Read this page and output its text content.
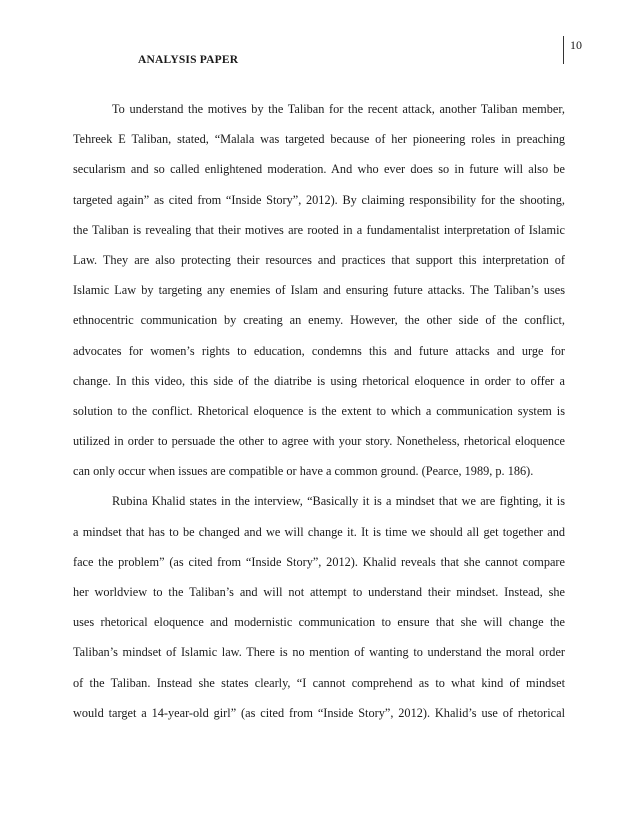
10
ANALYSIS PAPER
To understand the motives by the Taliban for the recent attack, another Taliban member,
Tehreek E Taliban, stated, “Malala was targeted because of her pioneering roles in preaching
secularism and so called enlightened moderation. And who ever does so in future will also be
targeted again” as cited from “Inside Story”, 2012). By claiming responsibility for the shooting,
the Taliban is revealing that their motives are rooted in a fundamentalist interpretation of Islamic
Law. They are also protecting their resources and practices that support this interpretation of
Islamic Law by targeting any enemies of Islam and ensuring future attacks. The Taliban’s uses
ethnocentric communication by creating an enemy. However, the other side of the conflict,
advocates for women’s rights to education, condemns this and future attacks and urge for
change. In this video, this side of the diatribe is using rhetorical eloquence in order to offer a
solution to the conflict. Rhetorical eloquence is the extent to which a communication system is
utilized in order to persuade the other to agree with your story. Nonetheless, rhetorical eloquence
can only occur when issues are compatible or have a common ground. (Pearce, 1989, p. 186).
Rubina Khalid states in the interview, “Basically it is a mindset that we are fighting, it is
a mindset that has to be changed and we will change it. It is time we should all get together and
face the problem” (as cited from “Inside Story”, 2012). Khalid reveals that she cannot compare
her worldview to the Taliban’s and will not attempt to understand their mindset. Instead, she
uses rhetorical eloquence and modernistic communication to ensure that she will change the
Taliban’s mindset of Islamic law. There is no mention of wanting to understand the moral order
of the Taliban. Instead she states clearly, “I cannot comprehend as to what kind of mindset
would target a 14-year-old girl” (as cited from “Inside Story”, 2012). Khalid’s use of rhetorical
